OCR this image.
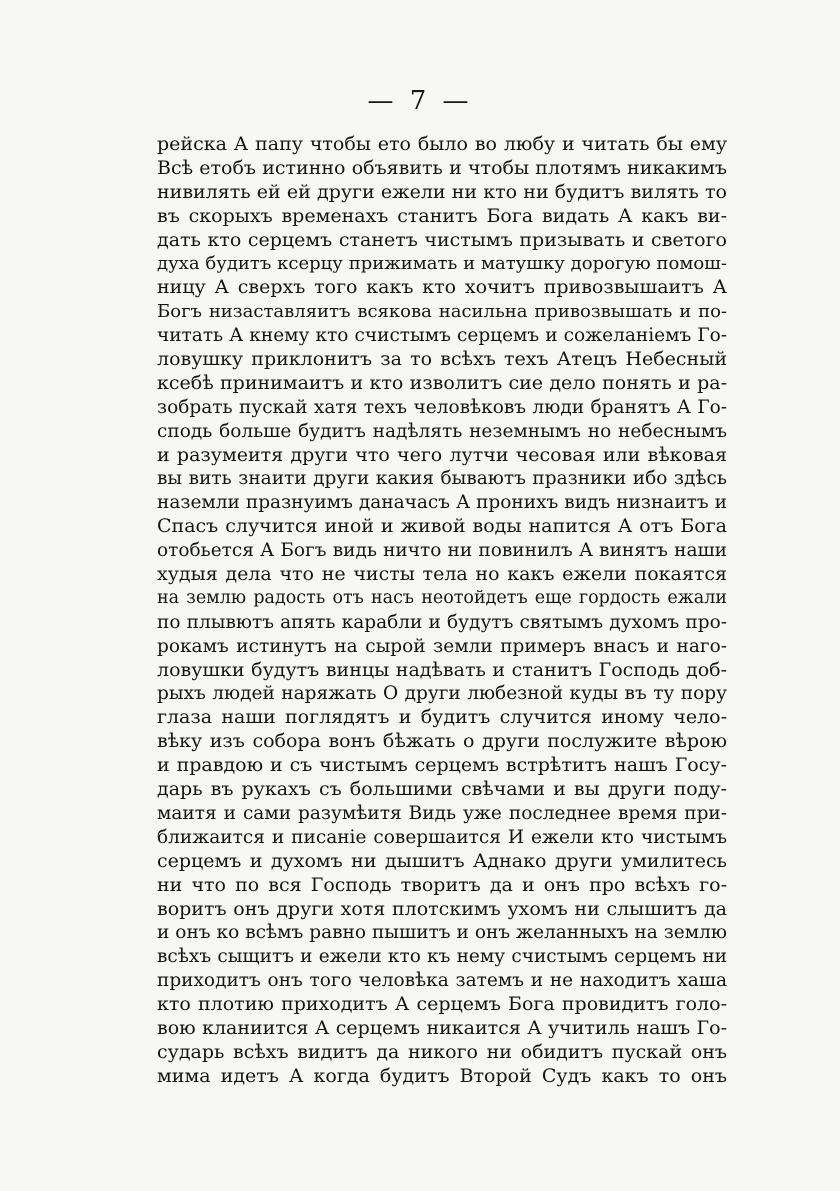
— 7 —
рейска А папу чтобы ето было во любу и читать бы ему
Всѣ етобъ истинно объявить и чтобы плотямъ никакимъ
нивилять ей ей други ежели ни кто ни будитъ вилять то
въ скорыхъ временахъ станитъ Бога видать А какъ ви-
дать кто серцемъ станетъ чистымъ призывать и светого
духа будитъ ксерцу прижимать и матушку дорогую помош-
ницу А сверхъ того какъ кто хочитъ привозвышаитъ А
Богъ низаставляитъ всякова насильна привозвышать и по-
читать А кнему кто счистымъ серцемъ и сожеланiемъ Го-
ловушку приклонитъ за то всѣхъ техъ Атецъ Небесный
ксебѣ принимаитъ и кто изволитъ сие дело понять и ра-
зобрать пускай хатя техъ человѣковъ люди бранятъ А Го-
сподь больше будитъ надѣлять неземнымъ но небеснымъ
и разумеитя други что чего лутчи чесовая или вѣковая
вы вить знаити други какия бываютъ празники ибо здѣсь
наземли празнуимъ даначасъ А пронихъ видъ низнаитъ и
Спасъ случится иной и живой воды напится А отъ Бога
отобьется А Богъ видь ничто ни повинилъ А винятъ наши
худыя дела что не чисты тела но какъ ежели покаятся
на землю радость отъ насъ неотойдетъ еще гордость ежали
по плывютъ апять карабли и будутъ святымъ духомъ про-
рокамъ истинутъ на сырой земли примеръ внасъ и наго-
ловушки будутъ винцы надѣвать и станитъ Господь доб-
рыхъ людей наряжать О други любезной куды въ ту пору
глаза наши поглядятъ и будитъ случится иному чело-
вѣку изъ собора вонъ бѣжать о други послужите вѣрою
и правдою и съ чистымъ серцемъ встрѣтитъ нашъ Госу-
дарь въ рукахъ съ большими свѣчами и вы други поду-
маитя и сами разумѣитя Видь уже последнее время при-
ближаится и писанiе совершаится И ежели кто чистымъ
серцемъ и духомъ ни дышитъ Аднако други умилитесь
ни что по вся Господь творитъ да и онъ про всѣхъ го-
воритъ онъ други хотя плотскимъ ухомъ ни слышитъ да
и онъ ко всѣмъ равно пышитъ и онъ желанныхъ на землю
всѣхъ сыщитъ и ежели кто къ нему счистымъ серцемъ ни
приходитъ онъ того человѣка затемъ и не находитъ хаша
кто плотию приходитъ А серцемъ Бога провидитъ голо-
вою кланиится А серцемъ никаится А учитиль нашъ Го-
сударь всѣхъ видитъ да никого ни обидитъ пускай онъ
мима идетъ А когда будитъ Второй Судъ какъ то онъ
